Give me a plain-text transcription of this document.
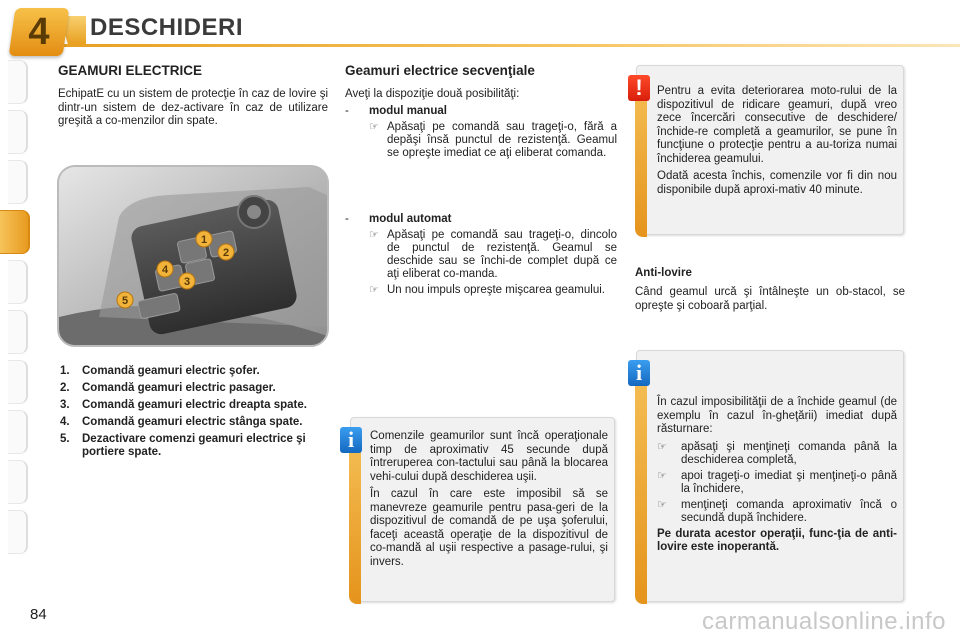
4	DESCHIDERI
GEAMURI ELECTRICE
EchipatE cu un sistem de protecţie în caz de lovire şi dintr-un sistem de dez-activare în caz de utilizare greşită a co-menzilor din spate.
1
2
3
4
5
1.	Comandă geamuri electric şofer.
2.	Comandă geamuri electric pasager.
3.	Comandă geamuri electric dreapta spate.
4.	Comandă geamuri electric stânga spate.
5.	Dezactivare comenzi geamuri electrice şi portiere spate.
Geamuri electrice secvenţiale
Aveţi la dispoziţie două posibilităţi:
-	modul manual
☞ Apăsaţi pe comandă sau trageţi-o, fără a depăşi însă punctul de rezistenţă. Geamul se opreşte imediat ce aţi eliberat comanda.
-	modul automat
☞ Apăsaţi pe comandă sau trageţi-o, dincolo de punctul de rezistenţă. Geamul se deschide sau se închi-de complet după ce aţi eliberat co-manda.
☞ Un nou impuls opreşte mişcarea geamului.
i	Comenzile geamurilor sunt încă operaţionale timp de aproximativ 45 secunde după întreruperea con-tactului sau până la blocarea vehi-cului după deschiderea uşii.

În cazul în care este imposibil să se manevreze geamurile pentru pasa-geri de la dispozitivul de comandă de pe uşa şoferului, faceţi această operaţie de la dispozitivul de co-mandă al uşii respective a pasage-rului, şi invers.

!	Pentru a evita deteriorarea moto-rului de la dispozitivul de ridicare geamuri, după vreo zece încercări consecutive de deschidere/închide-re completă a geamurilor, se pune în funcţiune o protecţie pentru a au-toriza numai închiderea geamului.

Odată acesta închis, comenzile vor fi din nou disponibile după aproxi-mativ 40 minute.

Anti-lovire
Când geamul urcă şi întâlneşte un ob-stacol, se opreşte şi coboară parţial.
i

În cazul imposibilităţii de a închide geamul (de exemplu în cazul în-gheţării) imediat după răsturnare:

☞	apăsaţi şi menţineţi comanda până la deschiderea completă,
☞	apoi trageţi-o imediat şi menţineţi-o până la închidere,
☞	menţineţi comanda aproximativ încă o secundă după închidere.

Pe durata acestor operaţii, func-ţia de anti-lovire este inoperantă.

84	carmanualsonline.info
